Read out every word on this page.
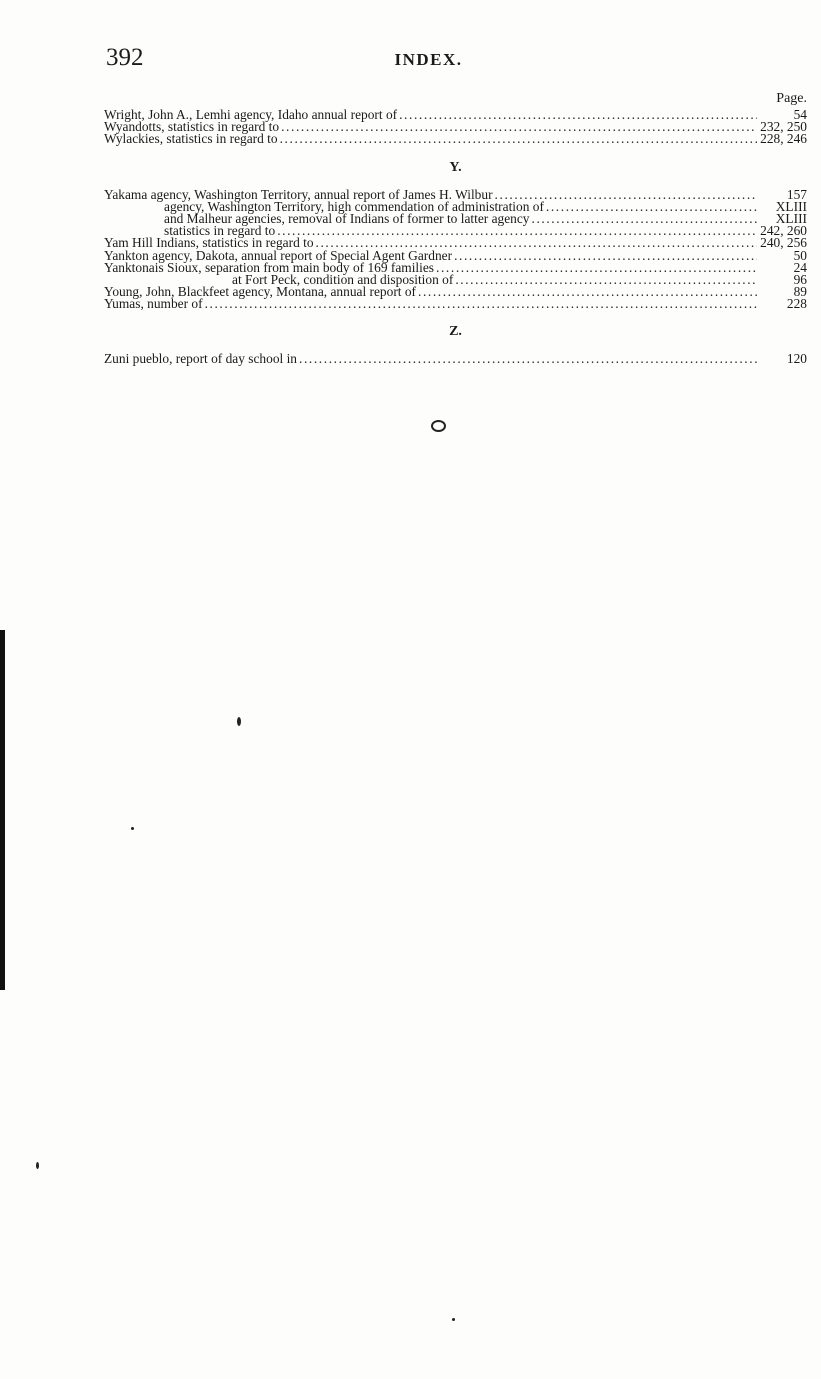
392	INDEX.
Page.
Wright, John A., Lemhi agency, Idaho annual report of .....	54
Wyandotts, statistics in regard to .....	232, 250
Wylackies, statistics in regard to .....	228, 246
Y.
Yakama agency, Washington Territory, annual report of James H. Wilbur .....	157
agency, Washington Territory, high commendation of administration of .....	XLIII
and Malheur agencies, removal of Indians of former to latter agency .....	XLIII
statistics in regard to .....	242, 260
Yam Hill Indians, statistics in regard to .....	240, 256
Yankton agency, Dakota, annual report of Special Agent Gardner .....	50
Yanktonais Sioux, separation from main body of 169 families .....	24
at Fort Peck, condition and disposition of .....	96
Young, John, Blackfeet agency, Montana, annual report of .....	89
Yumas, number of .....	228
Z.
Zuni pueblo, report of day school in .....	120
